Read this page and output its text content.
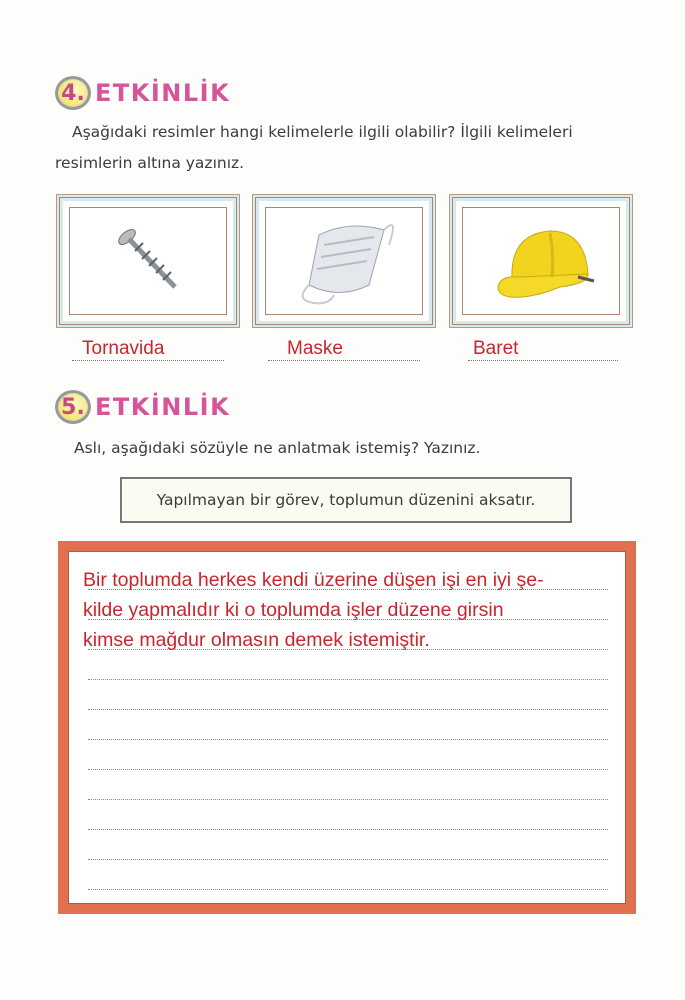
4. ETKİNLİK
Aşağıdaki resimler hangi kelimelerle ilgili olabilir? İlgili kelimeleri
resimlerin altına yazınız.
Tornavida	Maske	Baret
5. ETKİNLİK
Aslı, aşağıdaki sözüyle ne anlatmak istemiş? Yazınız.
Yapılmayan bir görev, toplumun düzenini aksatır.
Bir toplumda herkes kendi üzerine düşen işi en iyi şe-
kilde yapmalıdır ki o toplumda işler düzene girsin
kimse mağdur olmasın demek istemiştir.
